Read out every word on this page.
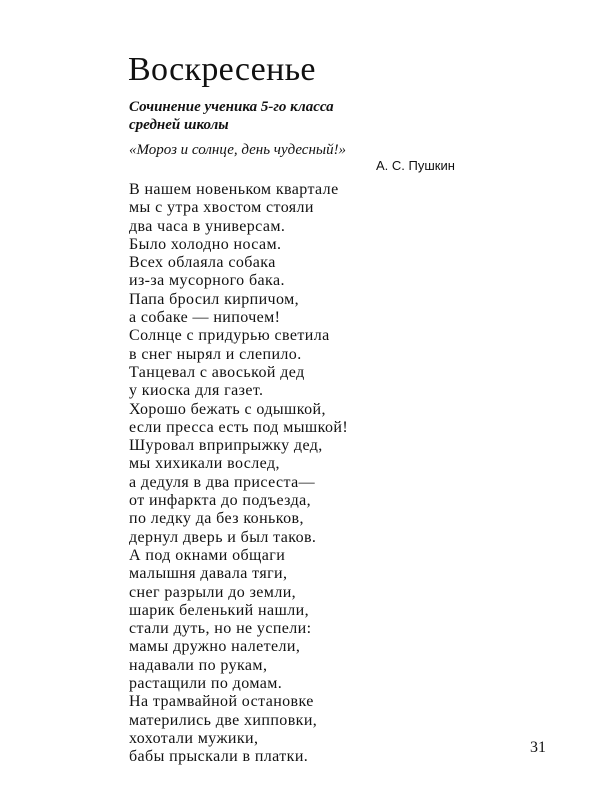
Воскресенье
Сочинение ученика 5-го класса
средней школы

«Мороз и солнце, день чудесный!»

А. С. Пушкин

В нашем новеньком квартале
мы с утра хвостом стояли
два часа в универсам.
Было холодно носам.
Всех облаяла собака
из-за мусорного бака.
Папа бросил кирпичом,
а собаке — нипочем!
Солнце с придурью светила
в снег нырял и слепило.
Танцевал с авоськой дед
у киоска для газет.
Хорошо бежать с одышкой,
если пресса есть под мышкой!
Шуровал вприпрыжку дед,
мы хихикали вослед,
а дедуля в два присеста—
от инфаркта до подъезда,
по ледку да без коньков,
дернул дверь и был таков.
А под окнами общаги
малышня давала тяги,
снег разрыли до земли,
шарик беленький нашли,
стали дуть, но не успели:
мамы дружно налетели,
надавали по рукам,
растащили по домам.
На трамвайной остановке
матерились две хипповки,
хохотали мужики,
бабы прыскали в платки.

31
